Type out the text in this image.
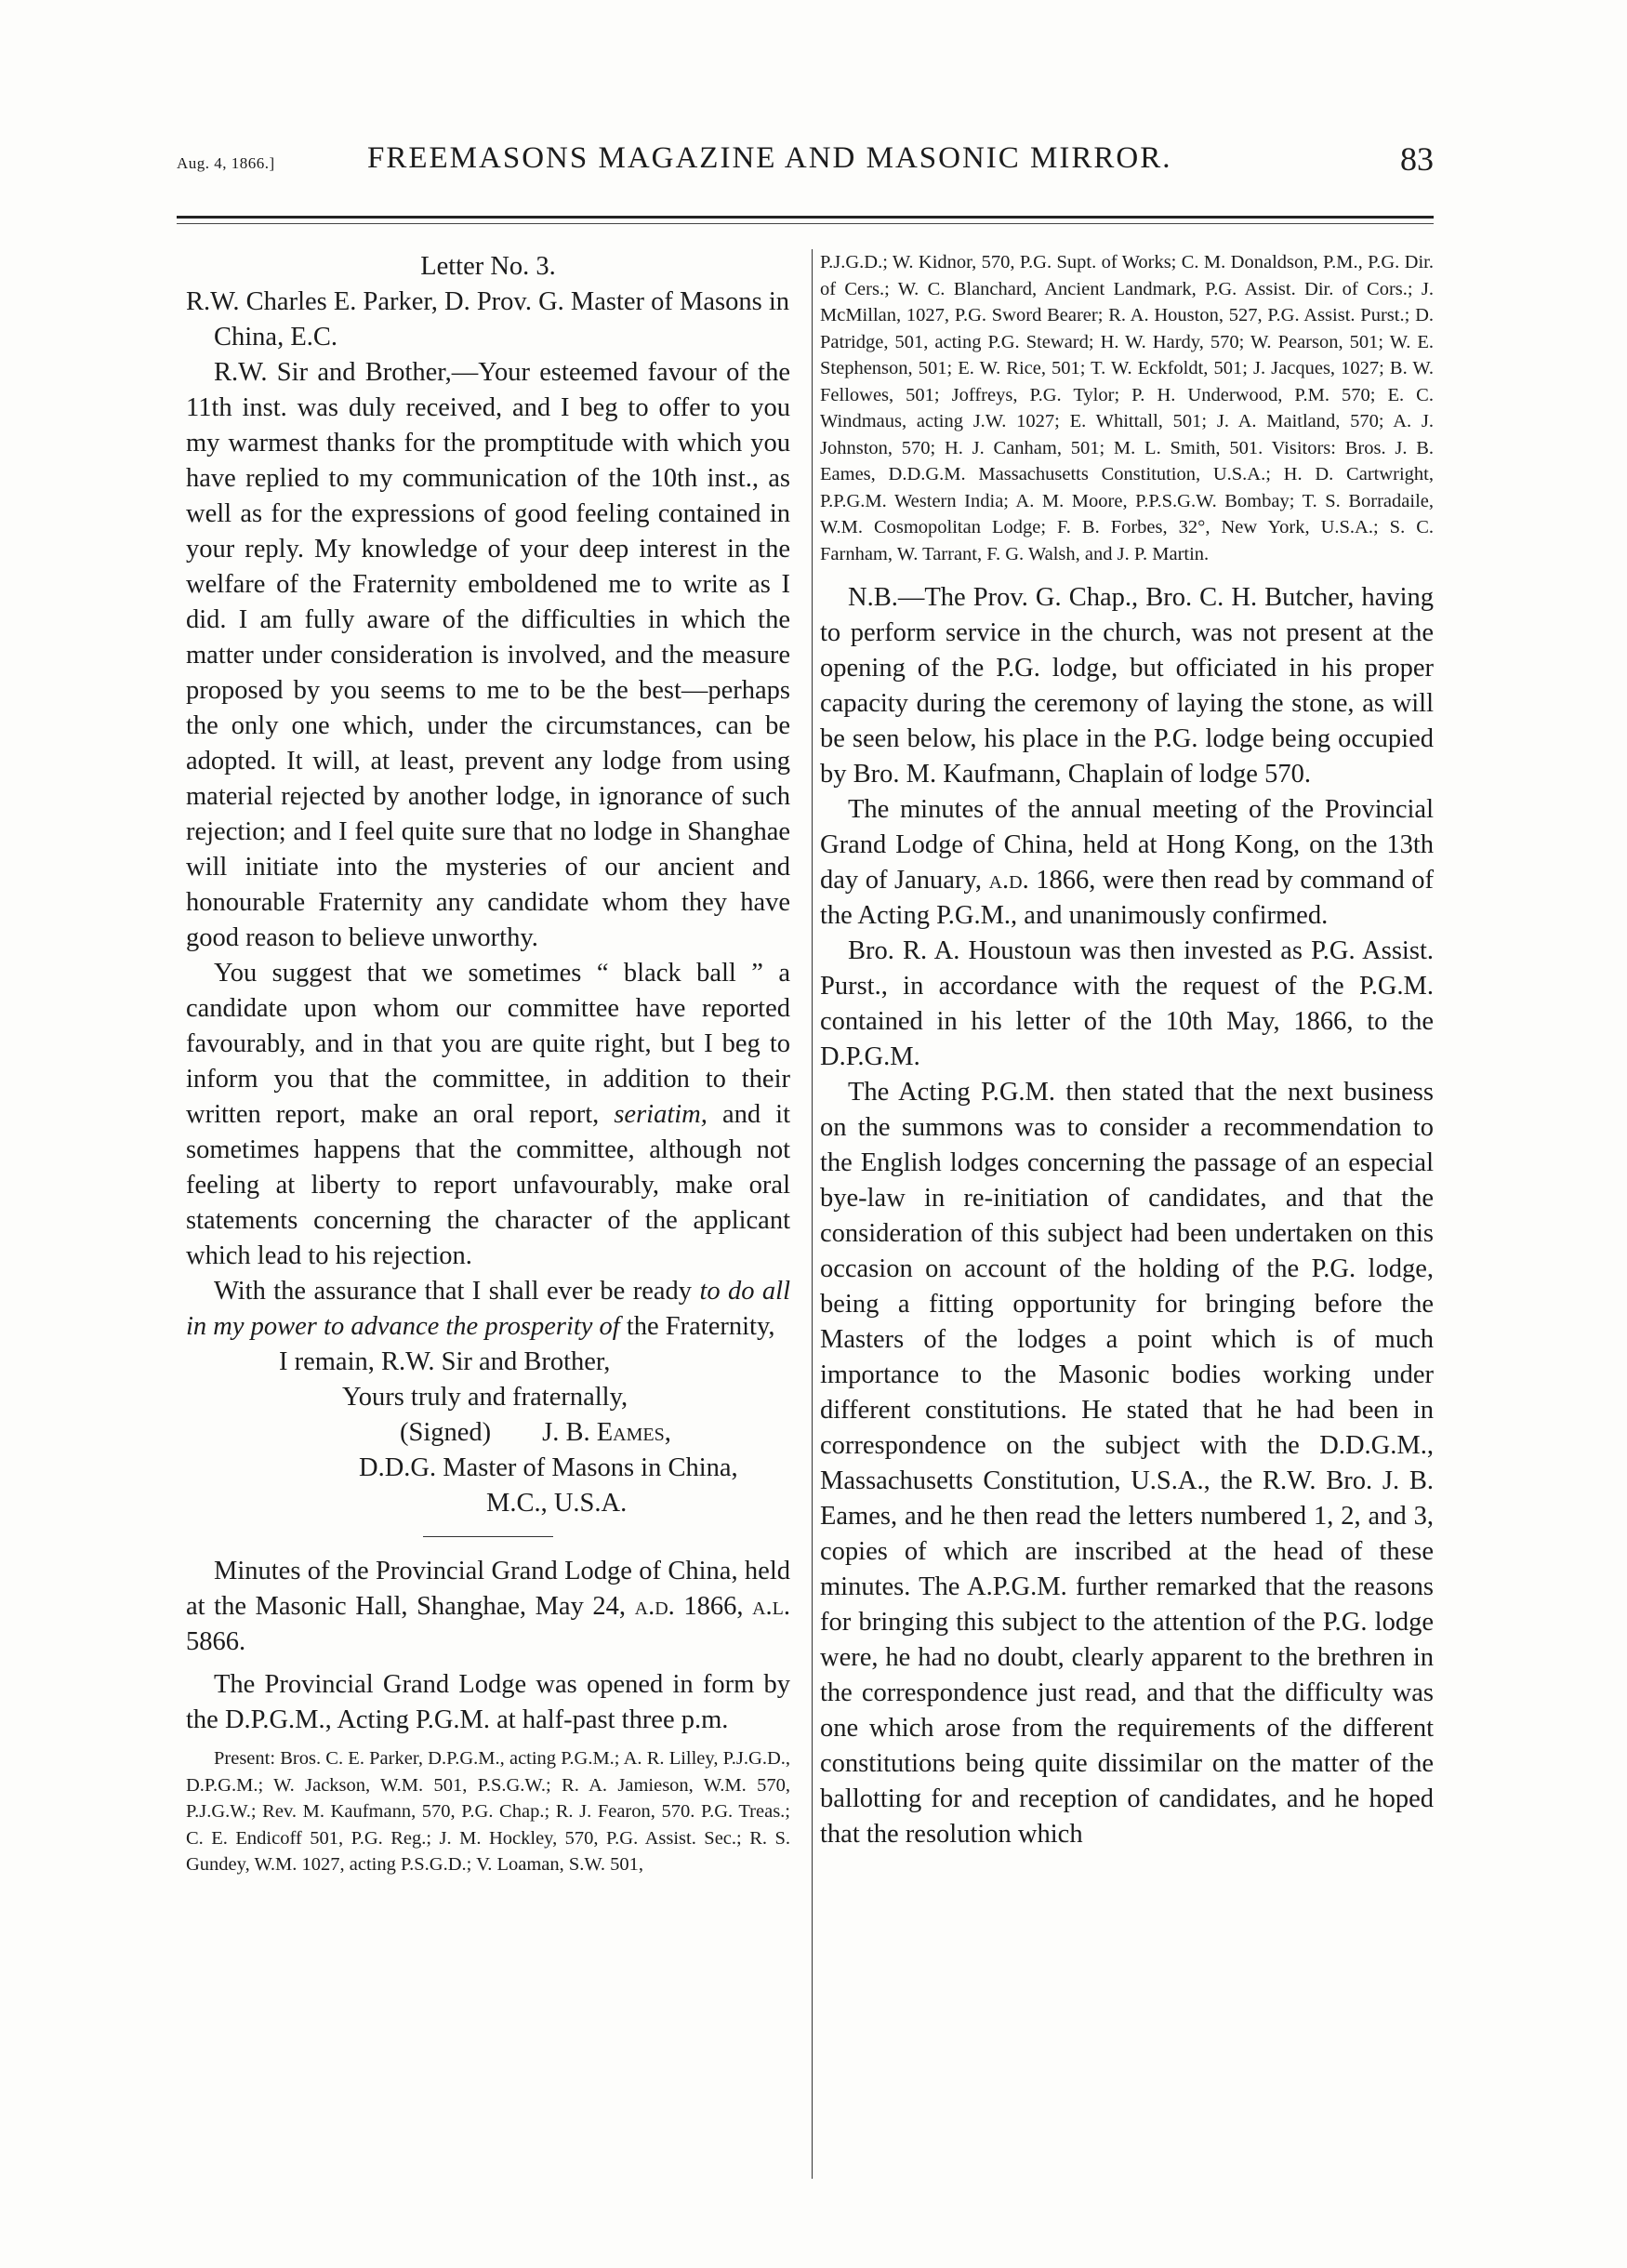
Aug. 4, 1866.]	FREEMASONS MAGAZINE AND MASONIC MIRROR.	83

Letter No. 3.

R.W. Charles E. Parker, D. Prov. G. Master of Masons in China, E.C.

R.W. Sir and Brother,—Your esteemed favour of the 11th inst. was duly received, and I beg to offer to you my warmest thanks for the promptitude with which you have replied to my communication of the 10th inst., as well as for the expressions of good feeling contained in your reply. My knowledge of your deep interest in the welfare of the Fraternity emboldened me to write as I did. I am fully aware of the difficulties in which the matter under consideration is involved, and the measure proposed by you seems to me to be the best—perhaps the only one which, under the circumstances, can be adopted. It will, at least, prevent any lodge from using material rejected by another lodge, in ignorance of such rejection; and I feel quite sure that no lodge in Shanghae will initiate into the mysteries of our ancient and honourable Fraternity any candidate whom they have good reason to believe unworthy.

You suggest that we sometimes “ black ball ” a candidate upon whom our committee have reported favourably, and in that you are quite right, but I beg to inform you that the committee, in addition to their written report, make an oral report, seriatim, and it sometimes happens that the committee, although not feeling at liberty to report unfavourably, make oral statements concerning the character of the applicant which lead to his rejection.

With the assurance that I shall ever be ready to do all in my power to advance the prosperity of the Fraternity,

I remain, R.W. Sir and Brother,

Yours truly and fraternally,

(Signed) J. B. Eames,

D.D.G. Master of Masons in China,

M.C., U.S.A.

Minutes of the Provincial Grand Lodge of China, held at the Masonic Hall, Shanghae, May 24, a.d. 1866, a.l. 5866.

The Provincial Grand Lodge was opened in form by the D.P.G.M., Acting P.G.M. at half-past three p.m.

Present: Bros. C. E. Parker, D.P.G.M., acting P.G.M.; A. R. Lilley, P.J.G.D., D.P.G.M.; W. Jackson, W.M. 501, P.S.G.W.; R. A. Jamieson, W.M. 570, P.J.G.W.; Rev. M. Kaufmann, 570, P.G. Chap.; R. J. Fearon, 570. P.G. Treas.; C. E. Endicoff 501, P.G. Reg.; J. M. Hockley, 570, P.G. Assist. Sec.; R. S. Gundey, W.M. 1027, acting P.S.G.D.; V. Loaman, S.W. 501,

P.J.G.D.; W. Kidnor, 570, P.G. Supt. of Works; C. M. Donaldson, P.M., P.G. Dir. of Cers.; W. C. Blanchard, Ancient Landmark, P.G. Assist. Dir. of Cors.; J. McMillan, 1027, P.G. Sword Bearer; R. A. Houston, 527, P.G. Assist. Purst.; D. Patridge, 501, acting P.G. Steward; H. W. Hardy, 570; W. Pearson, 501; W. E. Stephenson, 501; E. W. Rice, 501; T. W. Eckfoldt, 501; J. Jacques, 1027; B. W. Fellowes, 501; Joffreys, P.G. Tylor; P. H. Underwood, P.M. 570; E. C. Windmaus, acting J.W. 1027; E. Whittall, 501; J. A. Maitland, 570; A. J. Johnston, 570; H. J. Canham, 501; M. L. Smith, 501. Visitors: Bros. J. B. Eames, D.D.G.M. Massachusetts Constitution, U.S.A.; H. D. Cartwright, P.P.G.M. Western India; A. M. Moore, P.P.S.G.W. Bombay; T. S. Borradaile, W.M. Cosmopolitan Lodge; F. B. Forbes, 32°, New York, U.S.A.; S. C. Farnham, W. Tarrant, F. G. Walsh, and J. P. Martin.

N.B.—The Prov. G. Chap., Bro. C. H. Butcher, having to perform service in the church, was not present at the opening of the P.G. lodge, but officiated in his proper capacity during the ceremony of laying the stone, as will be seen below, his place in the P.G. lodge being occupied by Bro. M. Kaufmann, Chaplain of lodge 570.

The minutes of the annual meeting of the Provincial Grand Lodge of China, held at Hong Kong, on the 13th day of January, a.d. 1866, were then read by command of the Acting P.G.M., and unanimously confirmed.

Bro. R. A. Houstoun was then invested as P.G. Assist. Purst., in accordance with the request of the P.G.M. contained in his letter of the 10th May, 1866, to the D.P.G.M.

The Acting P.G.M. then stated that the next business on the summons was to consider a recommendation to the English lodges concerning the passage of an especial bye-law in re-initiation of candidates, and that the consideration of this subject had been undertaken on this occasion on account of the holding of the P.G. lodge, being a fitting opportunity for bringing before the Masters of the lodges a point which is of much importance to the Masonic bodies working under different constitutions. He stated that he had been in correspondence on the subject with the D.D.G.M., Massachusetts Constitution, U.S.A., the R.W. Bro. J. B. Eames, and he then read the letters numbered 1, 2, and 3, copies of which are inscribed at the head of these minutes. The A.P.G.M. further remarked that the reasons for bringing this subject to the attention of the P.G. lodge were, he had no doubt, clearly apparent to the brethren in the correspondence just read, and that the difficulty was one which arose from the requirements of the different constitutions being quite dissimilar on the matter of the ballotting for and reception of candidates, and he hoped that the resolution which
